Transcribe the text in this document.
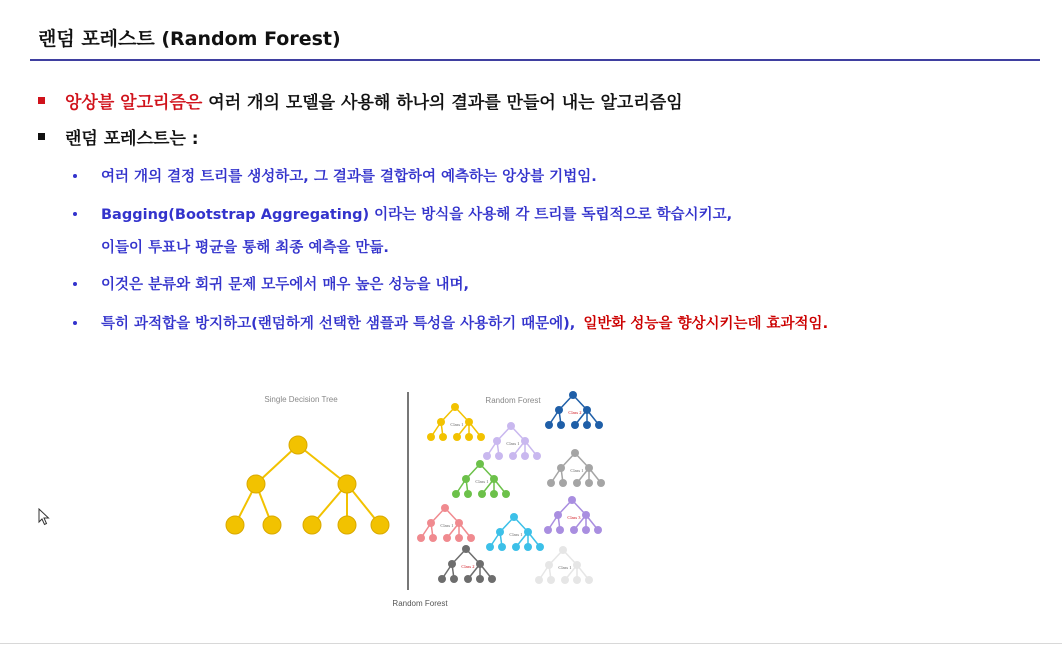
랜덤 포레스트 (Random Forest)
앙상블 알고리즘은 여러 개의 모델을 사용해 하나의 결과를 만들어 내는 알고리즘임
랜덤 포레스트는 :
여러 개의 결정 트리를 생성하고, 그 결과를 결합하여 예측하는 앙상블 기법임.
Bagging(Bootstrap Aggregating) 이라는 방식을 사용해 각 트리를 독립적으로 학습시키고,
이들이 투표나 평균을 통해 최종 예측을 만듦.
이것은 분류와 회귀 문제 모두에서 매우 높은 성능을 내며,
특히 과적합을 방지하고(랜덤하게 선택한 샘플과 특성을 사용하기 때문에), 일반화 성능을 향상시키는데 효과적임.
Single Decision Tree	Random Forest
Class 1
Class 1
Class 2
Class 1
Class 1
Class 1
Class 1
Class 3
Class 2	Class 1
Random Forest
